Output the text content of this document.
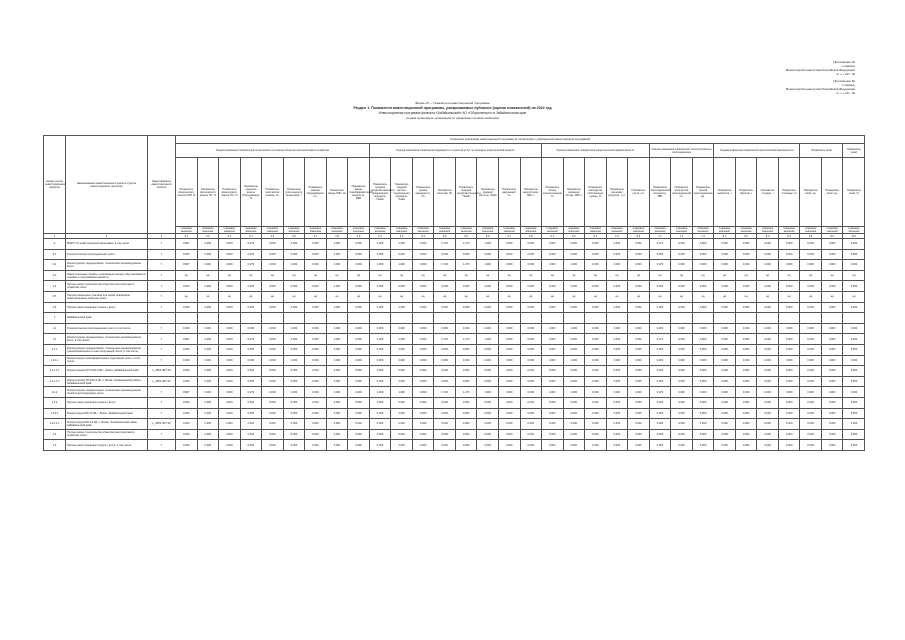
Приложение №
к приказу
Министерства энергетики Российской Федерации
от « » 20 г. №
Приложение №
к приказу
Министерства энергетики Российской Федерации
от « » 20 г. №
Форма 15 — Показатели инвестиционной программы
Раздел 1. Показатели инвестиционной программы, раскрываемые публично (оценка показателей) на 2022 год
Инвестиционная программа филиала «Забайкальский» АО «Оборонэнерго» в Забайкальском крае
сетевая организация, организация по управлению сетевым хозяйством
Номер группы инвестиционных проектов	Наименование инвестиционного проекта (группы инвестиционных проектов)	Идентификатор инвестиционного проекта	Показатели реализации инвестиционной программы (в соответствии с утвержденной инвестиционной программой)																															
			Оценка изменения показателей технического состояния объектов электросетевого хозяйства									Оценка изменения показателей надежности и качества услуг по передаче электрической энергии								Оценка изменения показателей энергетической эффективности					Оценка изменения показателей технологического присоединения			Оценка изменения показателей экологической безопасности				Показатель иной		Показатель иной
			Показатель физического износа ЛЭП, %	Показатель физического износа ТП, %	Показатель физического износа ПС, %	Показатель среднего износа оборудования, %	Показатель количества отказов, шт.	Показатель длительности перерывов, ч	Показатель замены оборудования, шт.	Показатель ввода ЛЭП, км	Показатель ввода трансформаторной мощности, МВА	Показатель средней продолжительности прекращения передачи, Пsaidi	Показатель средней частоты прекращения передачи, Пsaifi	Показатель уровня надежности, Пп	Показатель качества, Пк	Показатель средней продолжительности, Пsaidi	Показатель средней частоты, Пsaifi	Показатель нарушений, шт.	Показатель недоотпуска, МВт·ч	Показатель потерь электроэнергии, %	Показатель снижения потерь, МВт·ч	Показатель расхода на собственные нужды, %	Показатель экономии ресурсов, т.у.т.	Показатель учета, шт.	Показатель присоединенной мощности, МВт	Показатель количества присоединений, шт.	Показатель сроков присоединения, дн.	Показатель выбросов, т	Показатель сбросов, т	Показатель отходов, т	Показатель площади, га	Показатель иной, ед.	Показатель иной, ед.	Показатель иной, %
			плановое значение	плановое значение	плановое значение	плановое значение	плановое значение	плановое значение	плановое значение	плановое значение	плановое значение	плановое значение	плановое значение	плановое значение	плановое значение	плановое значение	плановое значение	плановое значение	плановое значение	плановое значение	плановое значение	плановое значение	плановое значение	плановое значение	плановое значение	плановое значение	плановое значение	плановое значение	плановое значение	плановое значение	плановое значение	плановое значение	плановое значение	плановое значение
1	2	3	4.1	4.2	4.3	4.4	4.5	4.6	4.7	4.8	4.9	5.1	5.2	5.3	5.4	5.5	5.6	5.7	5.8	6.1	6.2	6.3	6.4	6.5	7.1	7.2	7.3	8.1	8.2	8.3	8.4	9.1	9.2	10.1
0	ВСЕГО по инвестиционной программе, в том числе:	Г	0,867	0,000	0,000	0,279	0,000	0,000	0,000	0,000	0,000	1,000	1,000	0,000	0,723	1,270	1,000	0,000	0,000	0,000	0,000	0,000	0,000	0,000	0,270	0,000	0,000	0,000	0,000	0,000	0,000	0,000	0,000	0,000
0.1	Технологическое присоединение, всего	Г	0,000	0,000	0,000	0,000	0,000	0,000	0,000	0,000	0,000	0,000	0,000	0,000	0,000	0,000	0,000	0,000	0,000	0,000	0,000	0,000	0,000	0,000	0,000	0,000	0,000	0,000	0,000	0,000	0,000	0,000	0,000	0,000
0.2	Реконструкция, модернизация, техническое перевооружение, всего	Г	0,867	0,000	0,000	0,279	0,000	0,000	0,000	0,000	0,000	1,000	1,000	0,000	0,723	1,270	1,000	0,000	0,000	0,000	0,000	0,000	0,000	0,000	0,270	0,000	0,000	0,000	0,000	0,000	0,000	0,000	0,000	0,000
0.3	Инвестиционные проекты, реализация которых обусловливается схемами и программами развития	Г	нд	нд	нд	нд	нд	нд	нд	нд	нд	нд	нд	нд	нд	нд	нд	нд	нд	нд	нд	нд	нд	нд	нд	нд	нд	нд	нд	нд	нд	нд	нд	нд
0.4	Прочее новое строительство объектов электросетевого хозяйства, всего	Г	0,000	0,000	0,000	0,000	0,000	0,000	0,000	0,000	0,000	0,000	0,000	0,000	0,000	0,000	0,000	0,000	0,000	0,000	0,000	0,000	0,000	0,000	0,000	0,000	0,000	0,000	0,000	0,000	0,000	0,000	0,000	0,000
0.5	Покупка земельных участков для целей реализации инвестиционных проектов, всего	Г	нд	нд	нд	нд	нд	нд	нд	нд	нд	нд	нд	нд	нд	нд	нд	нд	нд	нд	нд	нд	нд	нд	нд	нд	нд	нд	нд	нд	нд	нд	нд	нд
0.6	Прочие инвестиционные проекты, всего	Г	0,000	0,000	0,000	0,000	0,000	0,000	0,000	0,000	0,000	0,000	0,000	0,000	0,000	0,000	0,000	0,000	0,000	0,000	0,000	0,000	0,000	0,000	0,000	0,000	0,000	0,000	0,000	0,000	0,000	0,000	0,000	0,000
1	Забайкальский край																																	
1.1	Технологическое присоединение, всего, в том числе:	Г	0,000	0,000	0,000	0,000	0,000	0,000	0,000	0,000	0,000	0,000	0,000	0,000	0,000	0,000	0,000	0,000	0,000	0,000	0,000	0,000	0,000	0,000	0,000	0,000	0,000	0,000	0,000	0,000	0,000	0,000	0,000	0,000
1.2	Реконструкция, модернизация, техническое перевооружение, всего, в том числе:	Г	0,867	0,000	0,000	0,279	0,000	0,000	0,000	0,000	0,000	1,000	1,000	0,000	0,723	1,270	1,000	0,000	0,000	0,000	0,000	0,000	0,000	0,000	0,270	0,000	0,000	0,000	0,000	0,000	0,000	0,000	0,000	0,000
1.2.1	Реконструкция, модернизация, техническое перевооружение трансформаторных и иных подстанций, всего, в том числе:	Г	0,000	0,000	0,000	0,000	0,000	0,000	0,000	0,000	0,000	0,000	0,000	0,000	0,000	0,000	0,000	0,000	0,000	0,000	0,000	0,000	0,000	0,000	0,000	0,000	0,000	0,000	0,000	0,000	0,000	0,000	0,000	0,000
1.2.1.1	Реконструкция трансформаторных подстанций, всего, в том числе:	Г	0,000	0,000	0,000	0,000	0,000	0,000	0,000	0,000	0,000	0,000	0,000	0,000	0,000	0,000	0,000	0,000	0,000	0,000	0,000	0,000	0,000	0,000	0,000	0,000	0,000	0,000	0,000	0,000	0,000	0,000	0,000	0,000
1.2.1.1.1	Реконструкция КТП-10/0,4 кВ, г. Борзя, Забайкальский край	L_OBЭ-ЧИТ-00	0,000	0,000	0,000	0,000	0,000	0,000	0,000	0,000	0,000	0,000	0,000	0,000	0,000	0,000	0,000	0,000	0,000	0,000	0,000	0,000	0,000	0,000	0,000	0,000	0,000	0,000	0,000	0,000	0,000	0,000	0,000	0,000
1.2.1.1.2	Реконструкция ТП-10/0,4 кВ, п. Ясная, Оловяннинский район, Забайкальский край	L_OBЭ-ЧИТ-01	0,000	0,000	0,000	0,000	0,000	0,000	0,000	0,000	0,000	0,000	0,000	0,000	0,000	0,000	0,000	0,000	0,000	0,000	0,000	0,000	0,000	0,000	0,000	0,000	0,000	0,000	0,000	0,000	0,000	0,000	0,000	0,000
1.2.2	Реконструкция, модернизация, техническое перевооружение линий электропередачи, всего	Г	0,867	0,000	0,000	0,279	0,000	0,000	0,000	0,000	0,000	1,000	1,000	0,000	0,723	1,270	1,000	0,000	0,000	0,000	0,000	0,000	0,000	0,000	0,270	0,000	0,000	0,000	0,000	0,000	0,000	0,000	0,000	0,000
1.2.4	Прочие инвестиционные проекты, всего	Г	0,000	0,000	0,000	0,000	0,000	0,000	0,000	0,000	0,000	0,000	0,000	0,000	0,000	0,000	0,000	0,000	0,000	0,000	0,000	0,000	0,000	0,000	0,000	0,000	0,000	0,000	0,000	0,000	0,000	0,000	0,000	0,000
1.2.4.1	Реконструкция ВЛ-10 кВ, г. Борзя, Забайкальский край	Г	0,000	0,000	0,000	0,000	0,000	0,000	0,000	0,000	0,000	0,000	0,000	0,000	0,000	0,000	0,000	0,000	0,000	0,000	0,000	0,000	0,000	0,000	0,000	0,000	0,000	0,000	0,000	0,000	0,000	0,000	0,000	0,000
1.2.4.1.1	Реконструкция ВЛ-0,4 кВ, п. Ясная, Оловяннинский район, Забайкальский край	L_OBЭ-ЧИТ-02	0,000	0,000	0,000	0,000	0,000	0,000	0,000	0,000	0,000	0,000	0,000	0,000	0,000	0,000	0,000	0,000	0,000	0,000	0,000	0,000	0,000	0,000	0,000	0,000	0,000	0,000	0,000	0,000	0,000	0,000	0,000	0,000
1.4	Прочее новое строительство объектов электросетевого хозяйства, всего	Г	0,000	0,000	0,000	0,000	0,000	0,000	0,000	0,000	0,000	0,000	0,000	0,000	0,000	0,000	0,000	0,000	0,000	0,000	0,000	0,000	0,000	0,000	0,000	0,000	0,000	0,000	0,000	0,000	0,000	0,000	0,000	0,000
1.6	Прочие инвестиционные проекты, всего, в том числе:	Г	0,000	0,000	0,000	0,000	0,000	0,000	0,000	0,000	0,000	0,000	0,000	0,000	0,000	0,000	0,000	0,000	0,000	0,000	0,000	0,000	0,000	0,000	0,000	0,000	0,000	0,000	0,000	0,000	0,000	0,000	0,000	0,000
